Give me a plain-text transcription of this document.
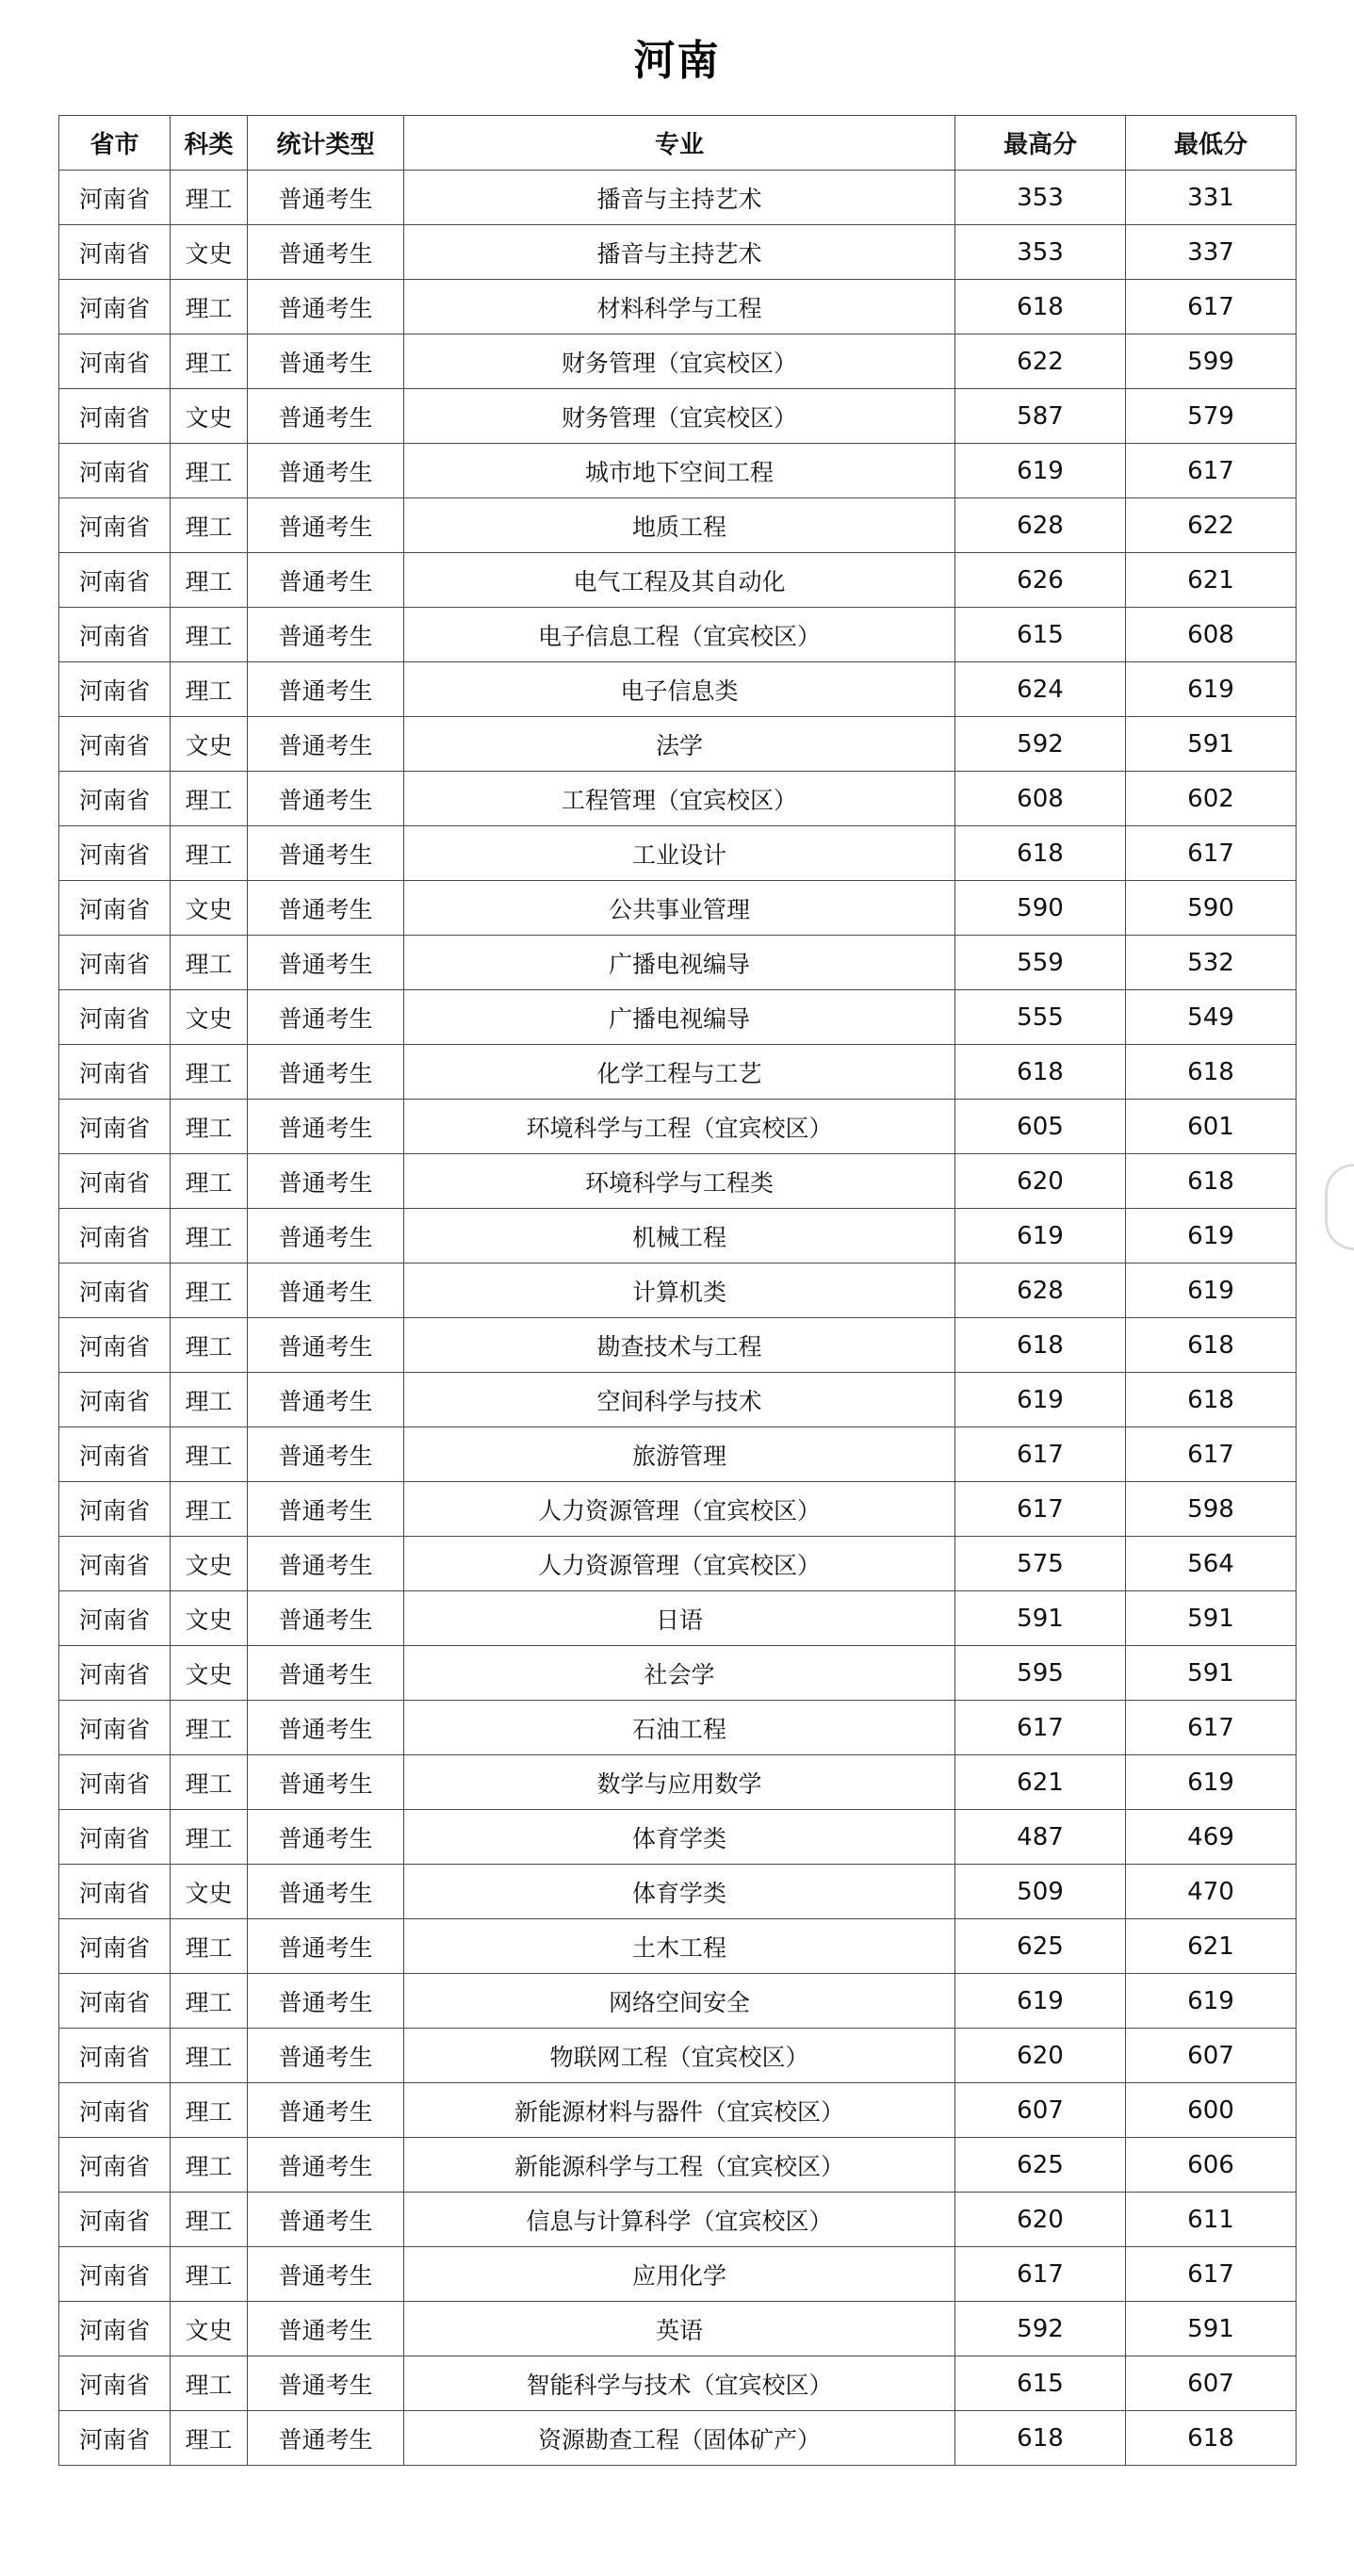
河南
省市	科类	统计类型	专业	最高分	最低分
河南省	理工	普通考生	播音与主持艺术	353	331
河南省	文史	普通考生	播音与主持艺术	353	337
河南省	理工	普通考生	材料科学与工程	618	617
河南省	理工	普通考生	财务管理（宜宾校区）	622	599
河南省	文史	普通考生	财务管理（宜宾校区）	587	579
河南省	理工	普通考生	城市地下空间工程	619	617
河南省	理工	普通考生	地质工程	628	622
河南省	理工	普通考生	电气工程及其自动化	626	621
河南省	理工	普通考生	电子信息工程（宜宾校区）	615	608
河南省	理工	普通考生	电子信息类	624	619
河南省	文史	普通考生	法学	592	591
河南省	理工	普通考生	工程管理（宜宾校区）	608	602
河南省	理工	普通考生	工业设计	618	617
河南省	文史	普通考生	公共事业管理	590	590
河南省	理工	普通考生	广播电视编导	559	532
河南省	文史	普通考生	广播电视编导	555	549
河南省	理工	普通考生	化学工程与工艺	618	618
河南省	理工	普通考生	环境科学与工程（宜宾校区）	605	601
河南省	理工	普通考生	环境科学与工程类	620	618
河南省	理工	普通考生	机械工程	619	619
河南省	理工	普通考生	计算机类	628	619
河南省	理工	普通考生	勘查技术与工程	618	618
河南省	理工	普通考生	空间科学与技术	619	618
河南省	理工	普通考生	旅游管理	617	617
河南省	理工	普通考生	人力资源管理（宜宾校区）	617	598
河南省	文史	普通考生	人力资源管理（宜宾校区）	575	564
河南省	文史	普通考生	日语	591	591
河南省	文史	普通考生	社会学	595	591
河南省	理工	普通考生	石油工程	617	617
河南省	理工	普通考生	数学与应用数学	621	619
河南省	理工	普通考生	体育学类	487	469
河南省	文史	普通考生	体育学类	509	470
河南省	理工	普通考生	土木工程	625	621
河南省	理工	普通考生	网络空间安全	619	619
河南省	理工	普通考生	物联网工程（宜宾校区）	620	607
河南省	理工	普通考生	新能源材料与器件（宜宾校区）	607	600
河南省	理工	普通考生	新能源科学与工程（宜宾校区）	625	606
河南省	理工	普通考生	信息与计算科学（宜宾校区）	620	611
河南省	理工	普通考生	应用化学	617	617
河南省	文史	普通考生	英语	592	591
河南省	理工	普通考生	智能科学与技术（宜宾校区）	615	607
河南省	理工	普通考生	资源勘查工程（固体矿产）	618	618
